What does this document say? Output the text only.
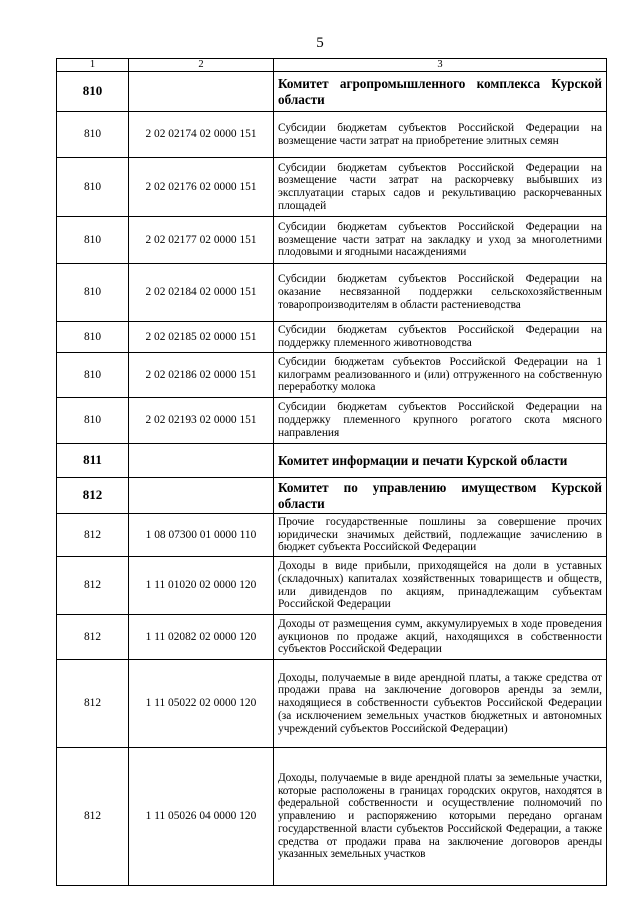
5
1	2	3
810		Комитет агропромышленного комплекса Курской области
810	2 02 02174 02 0000 151	Субсидии бюджетам субъектов Российской Федерации на возмещение части затрат на приобретение элитных семян
810	2 02 02176 02 0000 151	Субсидии бюджетам субъектов Российской Федерации на возмещение части затрат на раскорчевку выбывших из эксплуатации старых садов и рекультивацию раскорчеванных площадей
810	2 02 02177 02 0000 151	Субсидии бюджетам субъектов Российской Федерации на возмещение части затрат на закладку и уход за многолетними плодовыми и ягодными насаждениями
810	2 02 02184 02 0000 151	Субсидии бюджетам субъектов Российской Федерации на оказание несвязанной поддержки сельскохозяйственным товаропроизводителям в области растениеводства
810	2 02 02185 02 0000 151	Субсидии бюджетам субъектов Российской Федерации на поддержку племенного животноводства
810	2 02 02186 02 0000 151	Субсидии бюджетам субъектов Российской Федерации на 1 килограмм реализованного и (или) отгруженного на собственную переработку молока
810	2 02 02193 02 0000 151	Субсидии бюджетам субъектов Российской Федерации на поддержку племенного крупного рогатого скота мясного направления
811		Комитет информации и печати Курской области
812		Комитет по управлению имуществом Курской области
812	1 08 07300 01 0000 110	Прочие государственные пошлины за совершение прочих юридически значимых действий, подлежащие зачислению в бюджет субъекта Российской Федерации
812	1 11 01020 02 0000 120	Доходы в виде прибыли, приходящейся на доли в уставных (складочных) капиталах хозяйственных товариществ и обществ, или дивидендов по акциям, принадлежащим субъектам Российской Федерации
812	1 11 02082 02 0000 120	Доходы от размещения сумм, аккумулируемых в ходе проведения аукционов по продаже акций, находящихся в собственности субъектов Российской Федерации
812	1 11 05022 02 0000 120	Доходы, получаемые в виде арендной платы, а также средства от продажи права на заключение договоров аренды за земли, находящиеся в собственности субъектов Российской Федерации (за исключением земельных участков бюджетных и автономных учреждений субъектов Российской Федерации)
812	1 11 05026 04 0000 120	Доходы, получаемые в виде арендной платы за земельные участки, которые расположены в границах городских округов, находятся в федеральной собственности и осуществление полномочий по управлению и распоряжению которыми передано органам государственной власти субъектов Российской Федерации, а также средства от продажи права на заключение договоров аренды указанных земельных участков
